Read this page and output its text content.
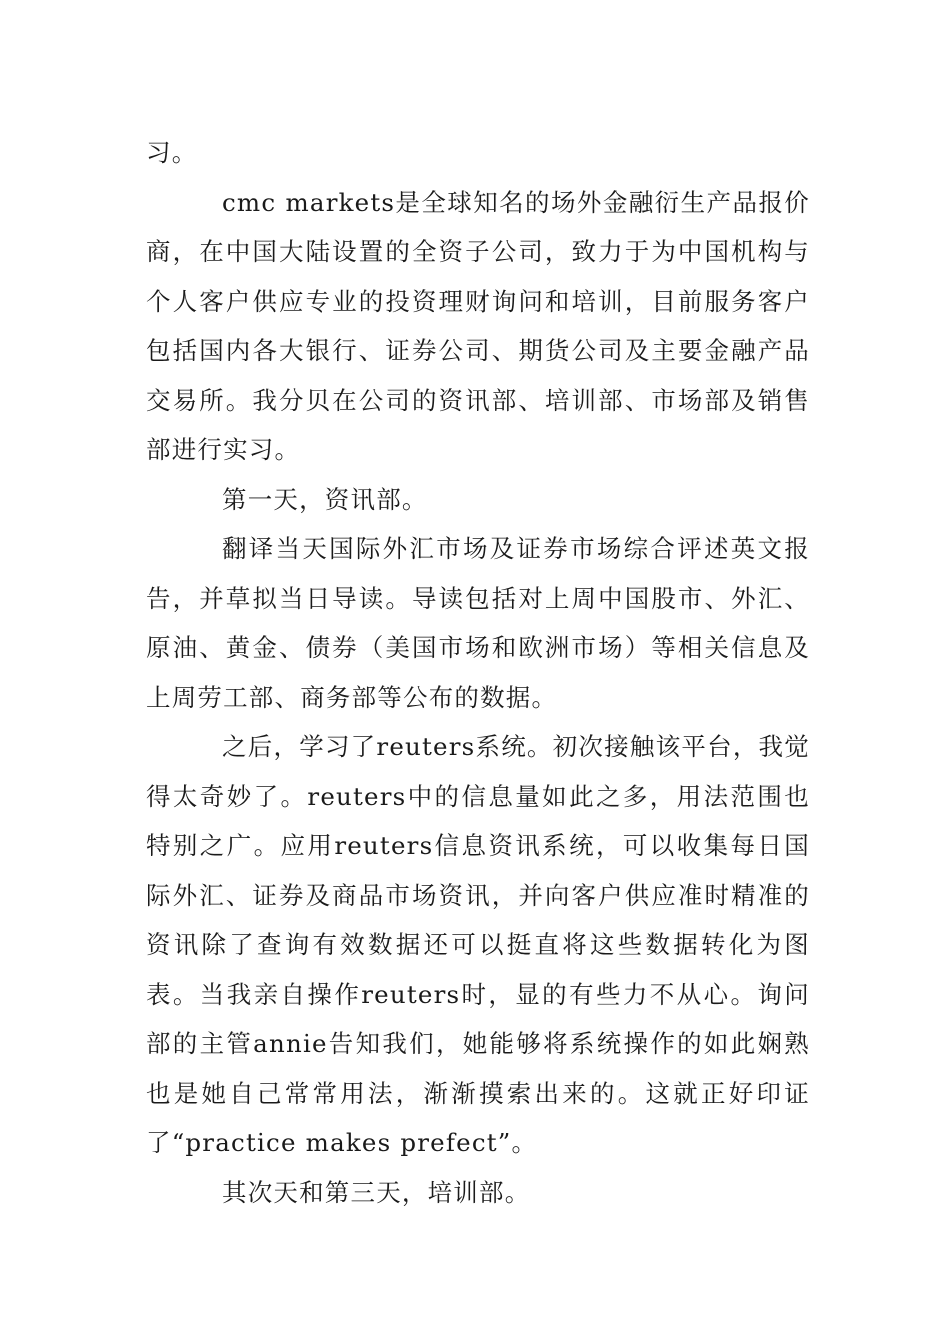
习。

cmc markets是全球知名的场外金融衍生产品报价商，在中国大陆设置的全资子公司，致力于为中国机构与个人客户供应专业的投资理财询问和培训，目前服务客户包括国内各大银行、证券公司、期货公司及主要金融产品交易所。我分贝在公司的资讯部、培训部、市场部及销售部进行实习。

第一天，资讯部。

翻译当天国际外汇市场及证券市场综合评述英文报告，并草拟当日导读。导读包括对上周中国股市、外汇、原油、黄金、债券（美国市场和欧洲市场）等相关信息及上周劳工部、商务部等公布的数据。

之后，学习了reuters系统。初次接触该平台，我觉得太奇妙了。reuters中的信息量如此之多，用法范围也特别之广。应用reuters信息资讯系统，可以收集每日国际外汇、证券及商品市场资讯，并向客户供应准时精准的资讯除了查询有效数据还可以挺直将这些数据转化为图表。当我亲自操作reuters时，显的有些力不从心。询问部的主管annie告知我们，她能够将系统操作的如此娴熟也是她自己常常用法，渐渐摸索出来的。这就正好印证了“practice makes prefect”。

其次天和第三天，培训部。
